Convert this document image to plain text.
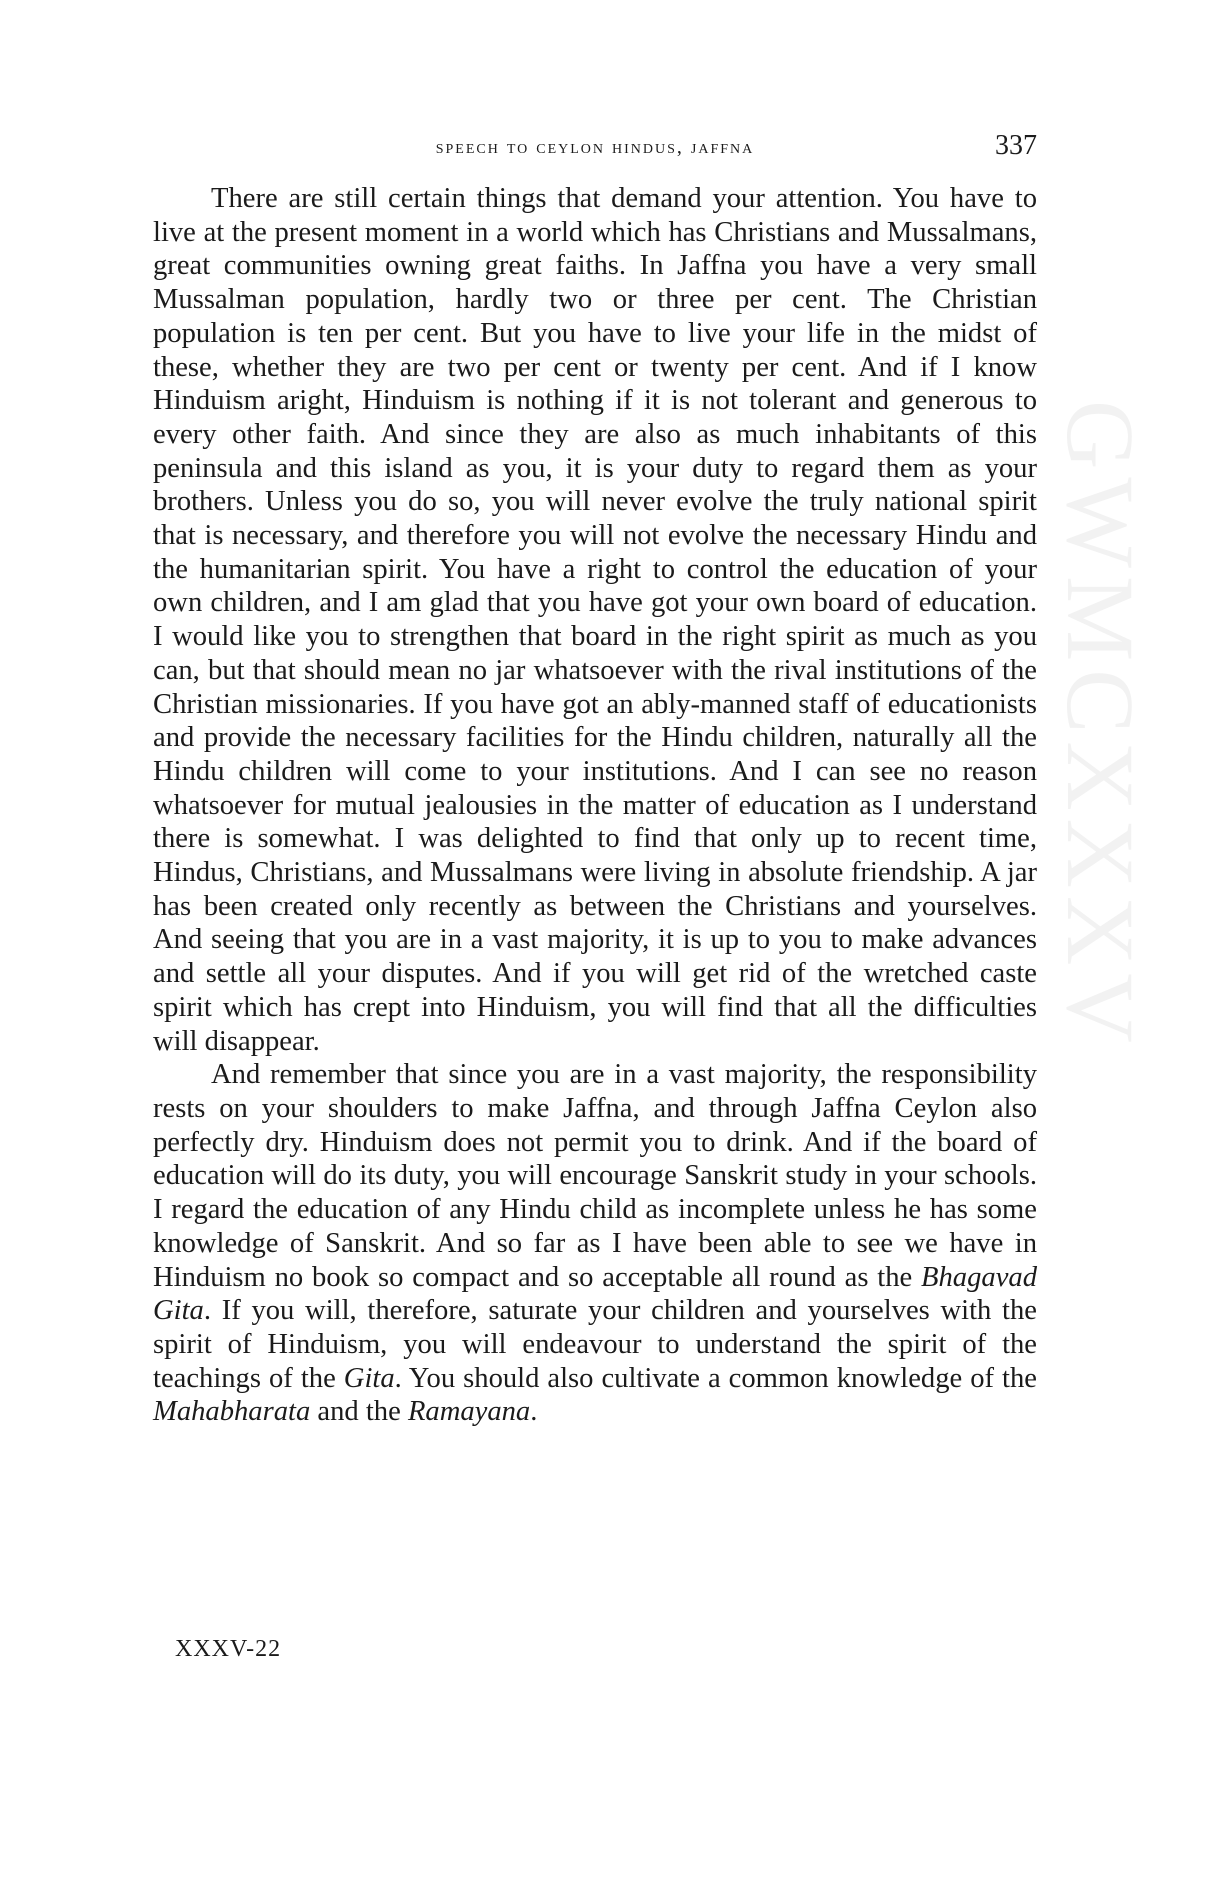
speech to ceylon hindus, jaffna	337
GWMCXXXV

There are still certain things that demand your attention. You have to live at the present moment in a world which has Christians and Mussalmans, great communities owning great faiths. In Jaffna you have a very small Mussalman population, hardly two or three per cent. The Christian population is ten per cent. But you have to live your life in the midst of these, whether they are two per cent or twenty per cent. And if I know Hinduism aright, Hinduism is nothing if it is not tolerant and generous to every other faith. And since they are also as much inhabitants of this peninsula and this island as you, it is your duty to regard them as your brothers. Unless you do so, you will never evolve the truly national spirit that is necessary, and therefore you will not evolve the necessary Hindu and the humanitarian spirit. You have a right to control the education of your own children, and I am glad that you have got your own board of education. I would like you to strengthen that board in the right spirit as much as you can, but that should mean no jar whatsoever with the rival institutions of the Christian missionaries. If you have got an ably-manned staff of educationists and provide the necessary facilities for the Hindu children, naturally all the Hindu children will come to your institutions. And I can see no reason whatsoever for mutual jealousies in the matter of education as I understand there is somewhat. I was delighted to find that only up to recent time, Hindus, Christians, and Mussalmans were living in absolute friendship. A jar has been created only recently as between the Christians and yourselves. And seeing that you are in a vast majority, it is up to you to make advances and settle all your disputes. And if you will get rid of the wretched caste spirit which has crept into Hinduism, you will find that all the difficulties will disappear.

And remember that since you are in a vast majority, the responsibility rests on your shoulders to make Jaffna, and through Jaffna Ceylon also perfectly dry. Hinduism does not permit you to drink. And if the board of education will do its duty, you will encourage Sanskrit study in your schools. I regard the education of any Hindu child as incomplete unless he has some knowledge of Sanskrit. And so far as I have been able to see we have in Hinduism no book so compact and so acceptable all round as the Bhagavad Gita. If you will, therefore, saturate your children and yourselves with the spirit of Hinduism, you will endeavour to understand the spirit of the teachings of the Gita. You should also cultivate a common knowledge of the Mahabharata and the Ramayana.

XXXV-22
